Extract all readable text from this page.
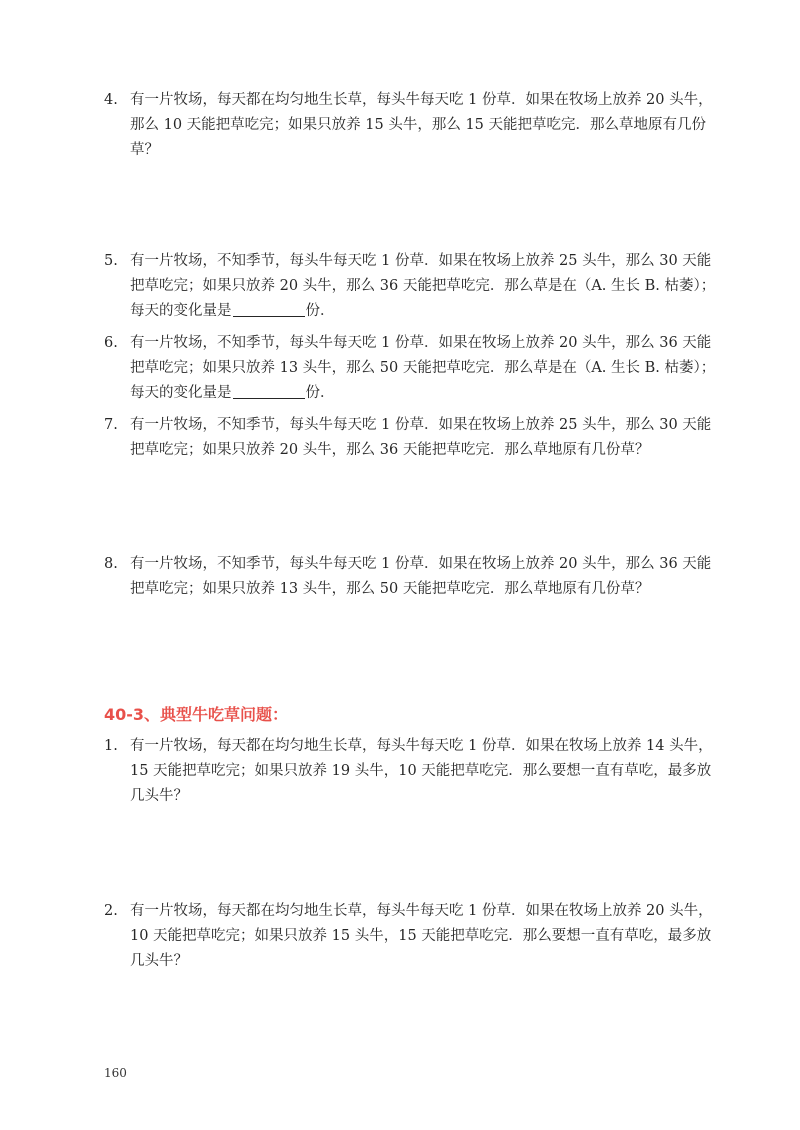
4. 有一片牧场，每天都在均匀地生长草，每头牛每天吃 1 份草．如果在牧场上放养 20 头牛，
那么 10 天能把草吃完；如果只放养 15 头牛，那么 15 天能把草吃完．那么草地原有几份
草？
5. 有一片牧场，不知季节，每头牛每天吃 1 份草．如果在牧场上放养 25 头牛，那么 30 天能
把草吃完；如果只放养 20 头牛，那么 36 天能把草吃完．那么草是在（A. 生长 B. 枯萎）；
每天的变化量是	份．
6. 有一片牧场，不知季节，每头牛每天吃 1 份草．如果在牧场上放养 20 头牛，那么 36 天能
把草吃完；如果只放养 13 头牛，那么 50 天能把草吃完．那么草是在（A. 生长 B. 枯萎）；
每天的变化量是	份．
7. 有一片牧场，不知季节，每头牛每天吃 1 份草．如果在牧场上放养 25 头牛，那么 30 天能
把草吃完；如果只放养 20 头牛，那么 36 天能把草吃完．那么草地原有几份草？
8. 有一片牧场，不知季节，每头牛每天吃 1 份草．如果在牧场上放养 20 头牛，那么 36 天能
把草吃完；如果只放养 13 头牛，那么 50 天能把草吃完．那么草地原有几份草？
40-3、典型牛吃草问题：
1. 有一片牧场，每天都在均匀地生长草，每头牛每天吃 1 份草．如果在牧场上放养 14 头牛，
15 天能把草吃完；如果只放养 19 头牛，10 天能把草吃完．那么要想一直有草吃，最多放
几头牛？
2. 有一片牧场，每天都在均匀地生长草，每头牛每天吃 1 份草．如果在牧场上放养 20 头牛，
10 天能把草吃完；如果只放养 15 头牛，15 天能把草吃完．那么要想一直有草吃，最多放
几头牛？
160
